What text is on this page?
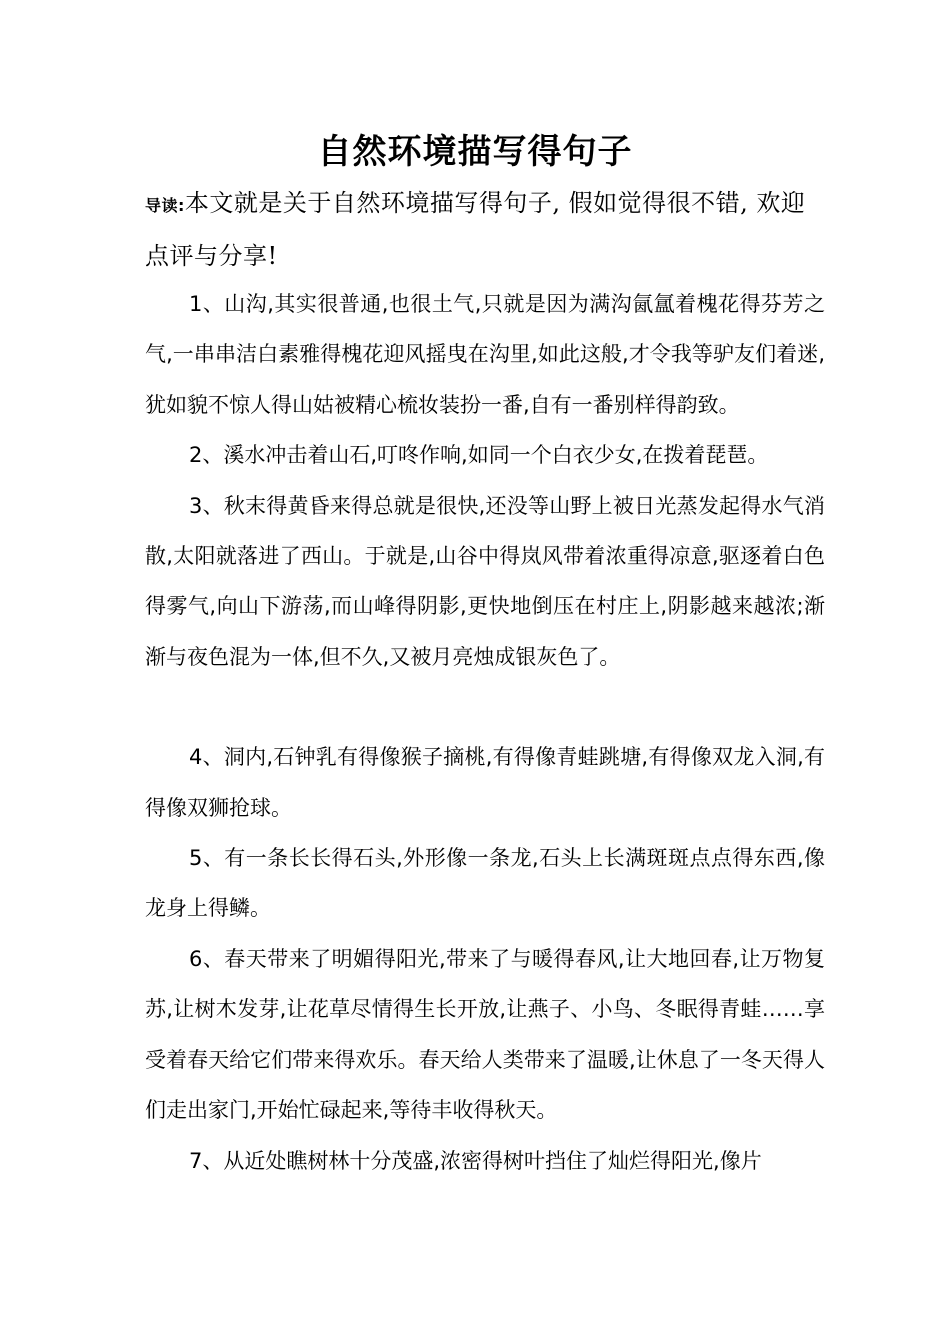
自然环境描写得句子
导读:本文就是关于自然环境描写得句子, 假如觉得很不错, 欢迎点评与分享!

1、山沟,其实很普通,也很土气,只就是因为满沟氤氲着槐花得芬芳之气,一串串洁白素雅得槐花迎风摇曳在沟里,如此这般,才令我等驴友们着迷,犹如貌不惊人得山姑被精心梳妆装扮一番,自有一番别样得韵致。

2、溪水冲击着山石,叮咚作响,如同一个白衣少女,在拨着琵琶。

3、秋末得黄昏来得总就是很快,还没等山野上被日光蒸发起得水气消散,太阳就落进了西山。于就是,山谷中得岚风带着浓重得凉意,驱逐着白色得雾气,向山下游荡,而山峰得阴影,更快地倒压在村庄上,阴影越来越浓;渐渐与夜色混为一体,但不久,又被月亮烛成银灰色了。

4、洞内,石钟乳有得像猴子摘桃,有得像青蛙跳塘,有得像双龙入洞,有得像双狮抢球。

5、有一条长长得石头,外形像一条龙,石头上长满斑斑点点得东西,像龙身上得鳞。

6、春天带来了明媚得阳光,带来了与暖得春风,让大地回春,让万物复苏,让树木发芽,让花草尽情得生长开放,让燕子、小鸟、冬眠得青蛙……享受着春天给它们带来得欢乐。春天给人类带来了温暖,让休息了一冬天得人们走出家门,开始忙碌起来,等待丰收得秋天。

7、从近处瞧树林十分茂盛,浓密得树叶挡住了灿烂得阳光,像片
